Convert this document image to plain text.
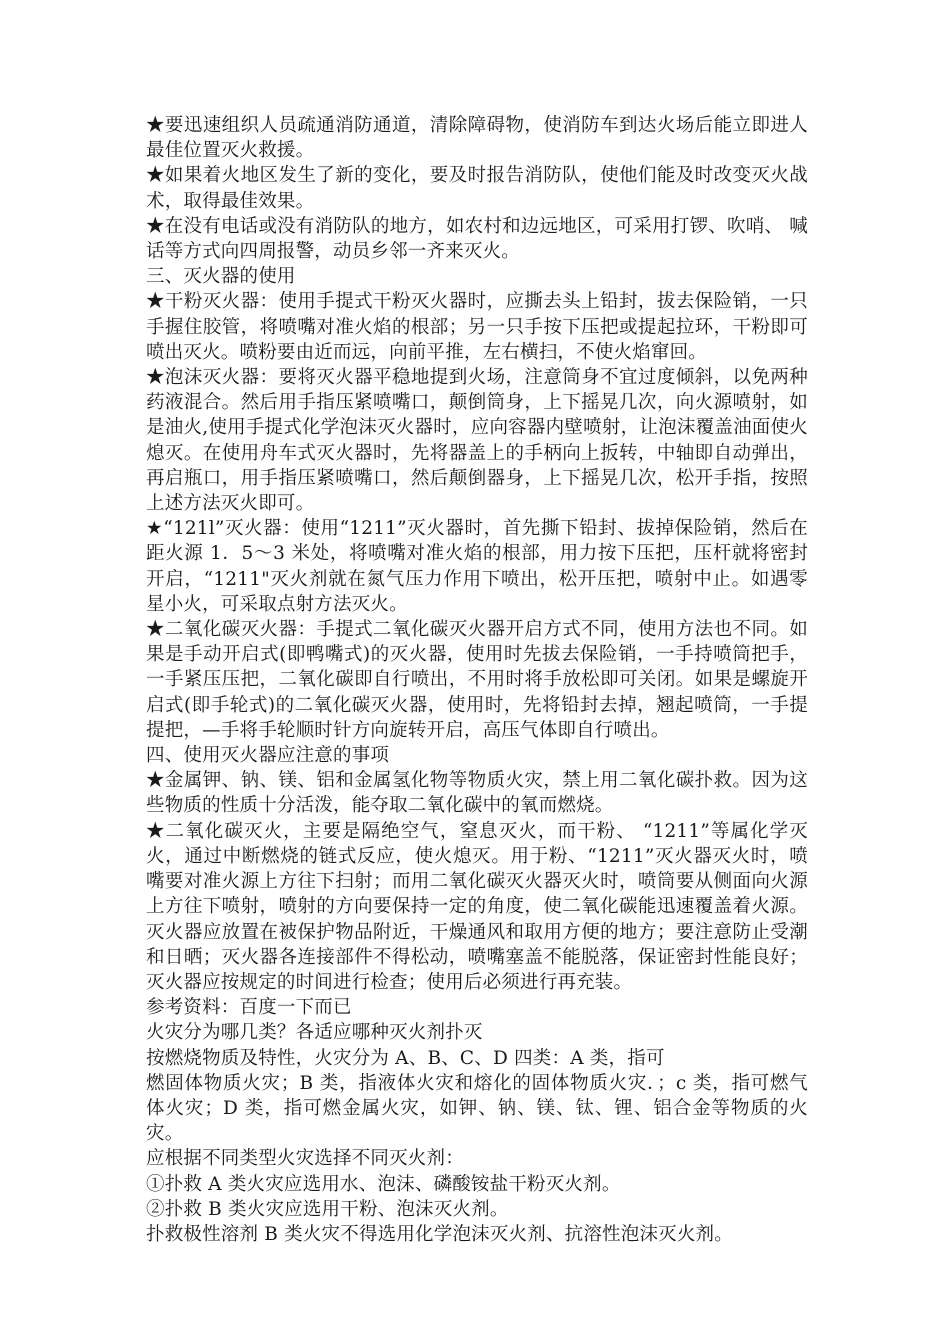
★要迅速组织人员疏通消防通道，清除障碍物，使消防车到达火场后能立即进人最佳位置灭火救援。

★如果着火地区发生了新的变化，要及时报告消防队，使他们能及时改变灭火战术，取得最佳效果。

★在没有电话或没有消防队的地方，如农村和边远地区，可采用打锣、吹哨、 喊话等方式向四周报警，动员乡邻一齐来灭火。

三、灭火器的使用

★干粉灭火器：使用手提式干粉灭火器时，应撕去头上铅封，拔去保险销，一只手握住胶管，将喷嘴对准火焰的根部；另一只手按下压把或提起拉环，干粉即可喷出灭火。喷粉要由近而远，向前平推，左右横扫，不使火焰窜回。

★泡沫灭火器：要将灭火器平稳地提到火场，注意筒身不宜过度倾斜，以免两种药液混合。然后用手指压紧喷嘴口，颠倒筒身，上下摇晃几次，向火源喷射，如是油火,使用手提式化学泡沫灭火器时，应向容器内壁喷射，让泡沫覆盖油面使火熄灭。在使用舟车式灭火器时，先将器盖上的手柄向上扳转，中轴即自动弹出，再启瓶口，用手指压紧喷嘴口，然后颠倒器身，上下摇晃几次，松开手指，按照上述方法灭火即可。

★“121l”灭火器：使用“1211”灭火器时，首先撕下铅封、拔掉保险销，然后在距火源 1．5～3 米处，将喷嘴对准火焰的根部，用力按下压把，压杆就将密封开启，“1211"灭火剂就在氮气压力作用下喷出，松开压把，喷射中止。如遇零星小火，可采取点射方法灭火。

★二氧化碳灭火器：手提式二氧化碳灭火器开启方式不同，使用方法也不同。如果是手动开启式(即鸭嘴式)的灭火器，使用时先拔去保险销，一手持喷筒把手，一手紧压压把，二氧化碳即自行喷出，不用时将手放松即可关闭。如果是螺旋开启式(即手轮式)的二氧化碳灭火器，使用时，先将铅封去掉，翘起喷筒，一手提提把，—手将手轮顺时针方向旋转开启，高压气体即自行喷出。

四、使用灭火器应注意的事项

★金属钾、钠、镁、铝和金属氢化物等物质火灾，禁上用二氧化碳扑救。因为这些物质的性质十分活泼，能夺取二氧化碳中的氧而燃烧。

★二氧化碳灭火，主要是隔绝空气，窒息灭火，而干粉、 “1211”等属化学灭火，通过中断燃烧的链式反应，使火熄灭。用于粉、“1211”灭火器灭火时，喷嘴要对准火源上方往下扫射；而用二氧化碳灭火器灭火时，喷筒要从侧面向火源上方往下喷射，喷射的方向要保持一定的角度，使二氧化碳能迅速覆盖着火源。灭火器应放置在被保护物品附近，干燥通风和取用方便的地方；要注意防止受潮和日晒；灭火器各连接部件不得松动，喷嘴塞盖不能脱落，保证密封性能良好；灭火器应按规定的时间进行检查；使用后必须进行再充装。

参考资料：百度一下而已

火灾分为哪几类？各适应哪种灭火剂扑灭

按燃烧物质及特性，火灾分为 A、B、C、D 四类：A 类，指可

燃固体物质火灾；B 类，指液体火灾和熔化的固体物质火灾．；c 类，指可燃气体火灾；D 类，指可燃金属火灾，如钾、钠、镁、钛、锂、铝合金等物质的火灾。

应根据不同类型火灾选择不同灭火剂：

①扑救 A 类火灾应选用水、泡沫、磷酸铵盐干粉灭火剂。

②扑救 B 类火灾应选用干粉、泡沫灭火剂。

扑救极性溶剂 B 类火灾不得选用化学泡沫灭火剂、抗溶性泡沫灭火剂。
